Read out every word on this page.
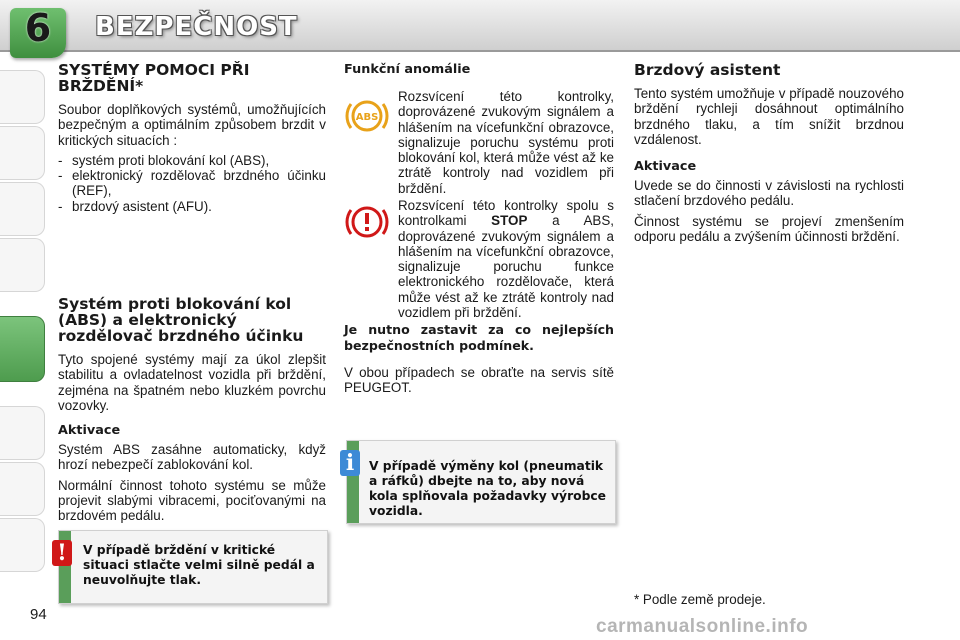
6	BEZPEČNOST
SYSTÉMY POMOCI PŘI BRŽDĚNÍ*

Soubor doplňkových systémů, umožňujících bezpečným a optimálním způsobem brzdit v kritických situacích :

- systém proti blokování kol (ABS),
- elektronický rozdělovač brzdného účinku (REF),
- brzdový asistent (AFU).
Systém proti blokování kol (ABS) a elektronický rozdělovač brzdného účinku

Tyto spojené systémy mají za úkol zlepšit stabilitu a ovladatelnost vozidla při brždění, zejména na špatném nebo kluzkém povrchu vozovky.

Aktivace

Systém ABS zasáhne automaticky, když hrozí nebezpečí zablokování kol.

Normální činnost tohoto systému se může projevit slabými vibracemi, pociťovanými na brzdovém pedálu.

V případě brždění v kritické situaci stlačte velmi silně pedál a neuvolňujte tlak.
!
Funkční anomálie
ABS

Rozsvícení této kontrolky, doprovázené zvukovým signálem a hlášením na vícefunkční obrazovce, signalizuje poruchu systému proti blokování kol, která může vést až ke ztrátě kontroly nad vozidlem při brždění.

Rozsvícení této kontrolky spolu s kontrolkami STOP a ABS, doprovázené zvukovým signálem a hlášením na vícefunkční obrazovce, signalizuje poruchu funkce elektronického rozdělovače, která může vést až ke ztrátě kontroly nad vozidlem při brždění.

Je nutno zastavit za co nejlepších bezpečnostních podmínek.

V obou případech se obraťte na servis sítě PEUGEOT.

V případě výměny kol (pneumatik a ráfků) dbejte na to, aby nová kola splňovala požadavky výrobce vozidla.
i
Brzdový asistent

Tento systém umožňuje v případě nouzového brždění rychleji dosáhnout optimálního brzdného tlaku, a tím snížit brzdnou vzdálenost.

Aktivace

Uvede se do činnosti v závislosti na rychlosti stlačení brzdového pedálu.

Činnost systému se projeví zmenšením odporu pedálu a zvýšením účinnosti brždění.

* Podle země prodeje.
94
carmanualsonline.info
